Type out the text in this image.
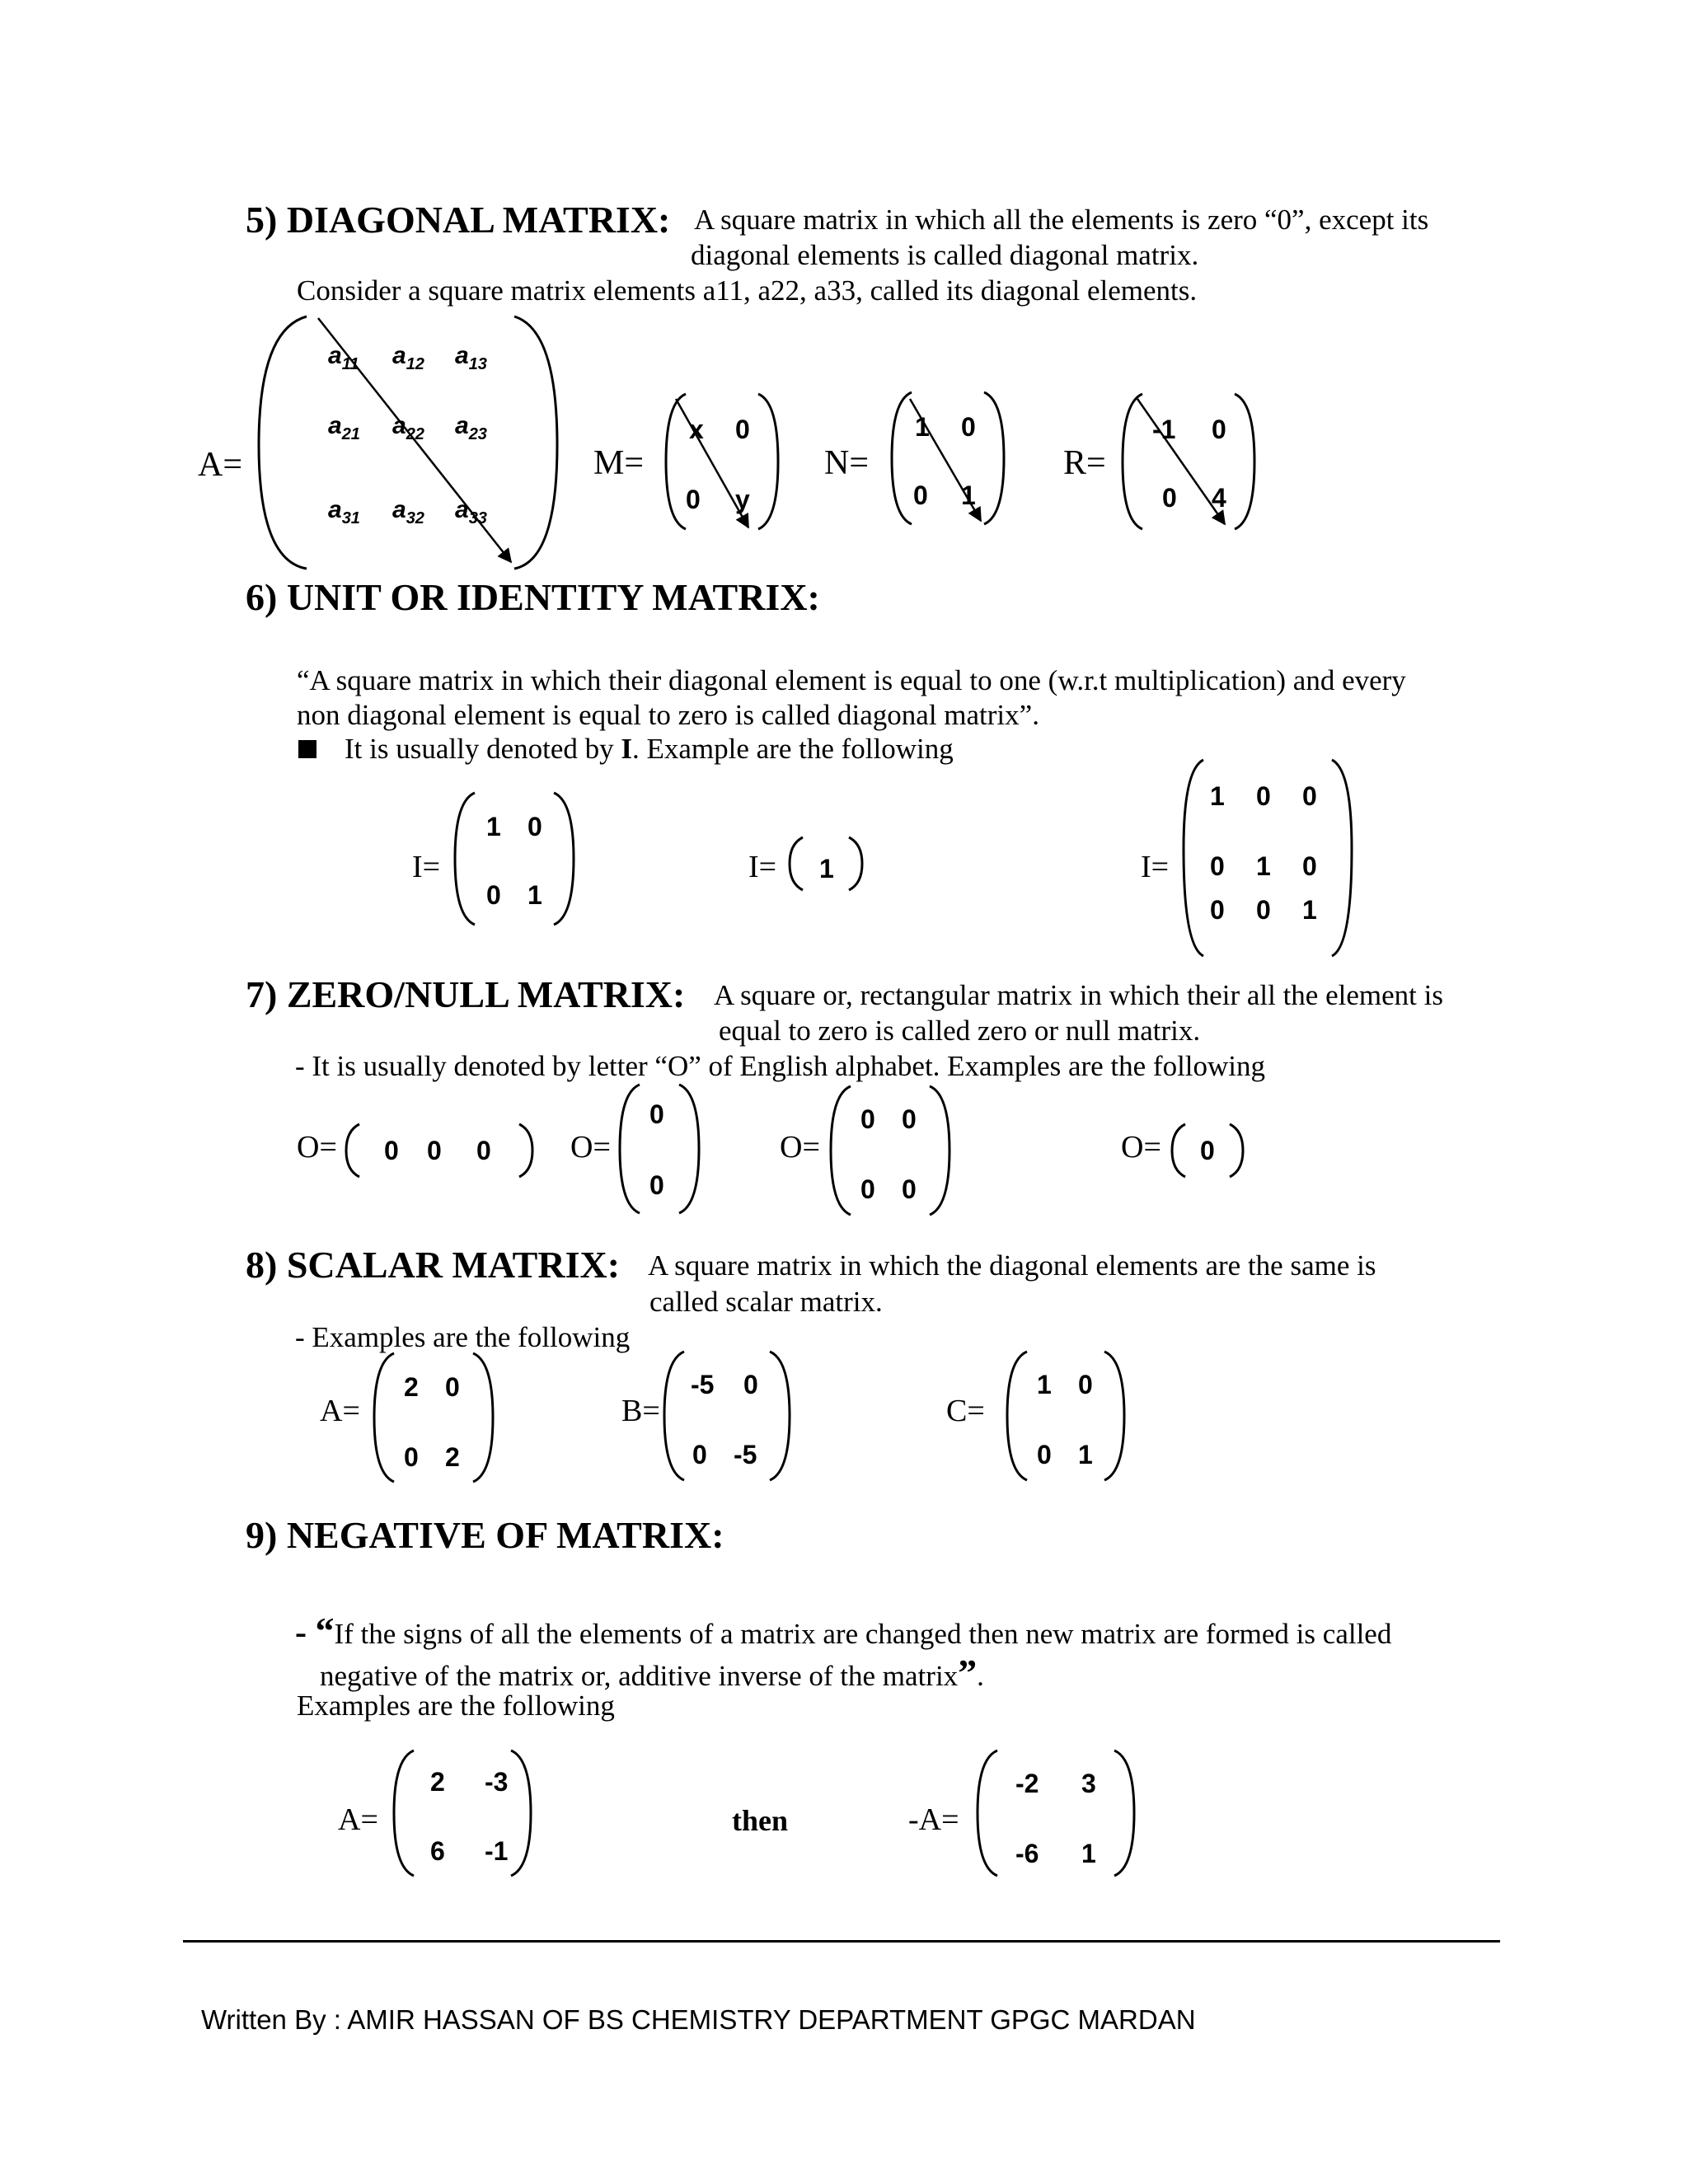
5) DIAGONAL MATRIX: A square matrix in which all the elements is zero “0”, except its
diagonal elements is called diagonal matrix.
Consider a square matrix elements a11, a22, a33, called its diagonal elements.
A=
$a_{11}$ $a_{12}$ $a_{13}$
$a_{21}$ $a_{22}$ $a_{23}$
$a_{31}$ $a_{32}$ $a_{33}$
M=
x 0
0 y
N=
1 0
0 1
R=
-1 0
0 4
6) UNIT OR IDENTITY MATRIX:
“A square matrix in which their diagonal element is equal to one (w.r.t multiplication) and every
non diagonal element is equal to zero is called diagonal matrix”.
It is usually denoted by I. Example are the following
I=
1 0
0 1
I= 1	I=
1 0 0
0 1 0
0 0 1
7) ZERO/NULL MATRIX: A square or, rectangular matrix in which their all the element is
equal to zero is called zero or null matrix.
- It is usually denoted by letter “O” of English alphabet. Examples are the following
O= 0 0 0	O=
0
0
O=
0 0
0 0
O= 0
8) SCALAR MATRIX: A square matrix in which the diagonal elements are the same is
called scalar matrix.
- Examples are the following
A=
2 0
0 2
B=
-5 0
0 -5
C=
1 0
0 1
9) NEGATIVE OF MATRIX:
- “If the signs of all the elements of a matrix are changed then new matrix are formed is called
negative of the matrix or, additive inverse of the matrix”.
Examples are the following
A=
2 -3
6 -1
then	-A=
-2 3
-6 1
Written By : AMIR HASSAN OF BS CHEMISTRY DEPARTMENT GPGC MARDAN
